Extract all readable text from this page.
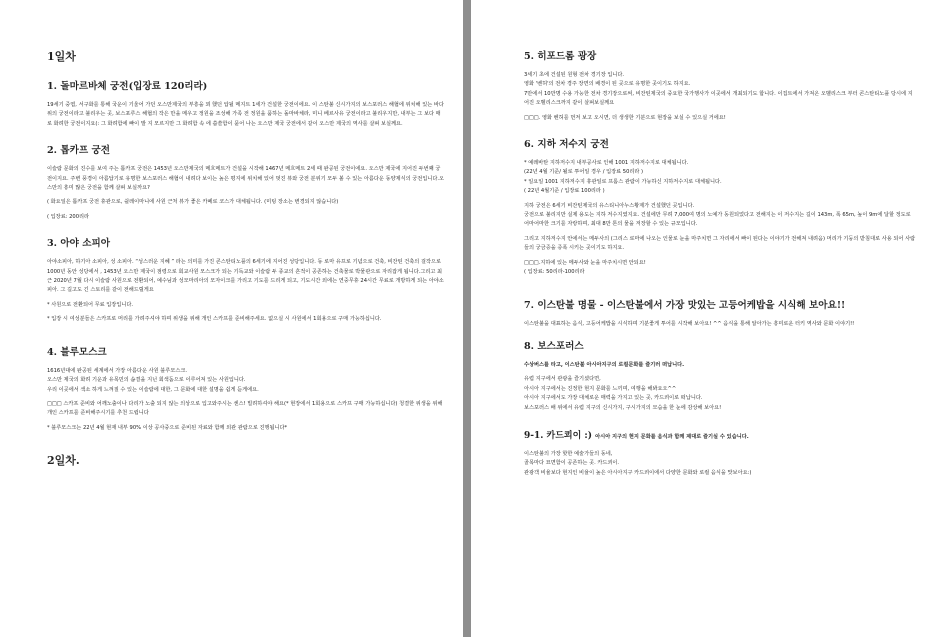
1일차
1. 돌마르바체 궁전(입장료 120리라)
19세기 중엽, 서구화를 통해 국운이 기울어 가던 오스만제국의 부흥을 꾀 했던 압뒬 메지트 1세가 건설한 궁전이에요. 이 스탄불 신시가지의 보스포러스 해협에 위치해 있는 바다 위의 궁전이라고 불리우는 곳, 보스포루스 해협의 작은 만을 메우고 정원을 조성해 가족 전 정원을 품하는 돌마바체라, 미니 베르사유 궁전이라고 불리우지만, 내부는 그 보다 매로 화려한 궁전이지요(: 그 화려함에 빠이 발 지 모르지만 그 화려함 속 에 씁쓸함이 묻어 나는 오스만 제국 궁전에서 같이 오스만 제국의 역사를 살펴 보실께요.
2. 톱카프 궁전
이슬람 문화의 진수를 보여 주는 톱카프 궁전은 1453년 오스만제국의 메흐메트가 건설을 시작해 1467년 메흐메트 2세 때 완공된 궁전이에요. 오스만 제국에 지어진 두번째 궁전이지요. 주변 풍경이 아름답기로 유명한 보스포러스 해협이 내려다 보이는 높은 평지에 위치해 있어 멋진 뷰와 궁전 분위기 모두 볼 수 있는 아름다운 동양제식의 궁전입니다.오스만의 흥미 많은 궁전을 함께 살펴 보실까요?
( 화요일은 톱카프 궁전 휴관으로, 쉴레이마니에 사원 근처 뷰가 좋은 카페로 코스가 대체됩니다. (미팅 장소는 변경되지 않습니다)
( 입장료: 200리라
3. 아야 소피아
아야소피아, 하기아 소피아, 성 소피아. “성스러운 지혜 ” 라는 의미를 가진 콘스탄티노플의 6세기에 지어진 성당입니다. 동 로마 유프로 기념으로 건축, 비잔틴 건축의 걸작으로 1000년 동안 성당에서 , 1453년 오스만 제국이 점령으로 회교사원 모스크가 되는 기독교와 이슬람 두 종교의 흔적이 공존하는 건축물로 박물관으로 자리잡게 됩니다.그리고 최근 2020년 7월 다시 이슬람 사원으로 전환되어, 예수님과 성모마리아의 모자이크를 가리고 기도를 드리게 되고, 기도시간 외에는 연중무휴 24시간 무료로 개방하게 되는 아야소피아. 그 길고도 긴 스토리를 같이 전해드릴게요
* 사원으로 전환되어 무료 입장입니다.
* 입장 시 여성분들은 스카프로 머리를 가려주셔야 하며 위생을 위해 개인 스카프를 준비해주세요. 없으실 시 사원에서 1회용으로 구매 가능하십니다.
4. 블루모스크
1616년대에 완공된 세계에서 가장 아름다운 사원 블루모스크.
오스만 제국의 화려 기운과 유목민의 솜결을 지닌 회색돔으로 이루어져 있는 사원입니다.
우리 이곳에서 색소 하게 느껴질 수 있는 이슬람에 대한, 그 문화에 대한 설명을 쉽게 듣게에요.
□□□ 스카프 준비와 어깨노출이나 다리가 노출 되지 않는 의상으로 입고와주시는 센스! 빌려하셔야 해요(* 현장에서 1회용으로 스카프 구매 가능하십니다) 청결한 위생을 위해 개인 스카프를 준비해주시기를 추천 드립니다
* 블루모스크는 22년 4월 현재 내부 90% 이상 공사중으로 준비된 자료와 함께 외관 관람으로 진행됩니다*
2일차.
5. 히포드롬 광장
3세기 초에 건설된 원형 전차 경기장 입니다.
영화 '벤허'의 전차 경주 장면의 배경이 된 곳으로 유명한 곳이기도 하지요.
7만에서 10만명 수용 가능한 전차 경기장으로써, 비잔틴제국의 중요한 국가행사가 이곳에서 개최되기도 합니다. 이집트에서 가져온 오벨리스크 부터 콘스탄티노플 당시에 지어진 오벨리스크까지 같이 살펴보실께요
□□□. 영화 벤허를 먼저 보고 오시면, 더 생생한 기분으로 현장을 보실 수 있으실 거에요!
6. 지하 저수지 궁전
* 예레바탄 지하저수지 내부공사로 인해 1001 지하저수지로 대체됩니다.
(22년 4월 기준/ 될로 투어일 경우 / 입장료 50리라 )
* 일요일 1001 지하저수지 휴관일로 프롬스 관람이 가능하신 지하저수지로 대체됩니다.
( 22년 4월기준 / 입장료 100리라 )
지하 궁전은 6세기 비잔틴제국의 유스티니아누스황제가 건설했던 곳입니다.
궁전으로 불리지만 실제 용도는 지하 저수지였지요. 건설에만 무려 7,000여 명의 노예가 동원되었다고 전해지는 이 저수지는 길이 143m, 폭 65m, 높이 9m에 달할 정도로 어마어마한 크기를 자랑하며, 최대 8만 톤의 물을 저장할 수 있는 규모입니다.
그리고 지하저수지 안에서는 메두사의 (그리스 로마에 나오는 인물로 눈을 마주치면 그 자리에서 빠이 된다는 이야기가 전해져 내려옴) 머리가 기둥의 받침대로 사용 되어 사람들의 궁금증을 증폭 시키는 곳이기도 하지요.
□□□.지하에 있는 메두사와 눈을 마주치시면 안되요!
( 입장료: 50리라-100리라
7. 이스탄불 명물 - 이스탄불에서 가장 맛있는 고등어케밥을 시식해 보아요!!
이스탄불을 대표하는 음식, 고등어케밥을 시식하며 기분좋게 투어를 시작해 보아요! ^^ 음식을 통해 알아가는 흥미로운 터키 역사와 문화 이야기!!
8. 보스포러스
수상버스를 타고, 이스탄불 아시아지구의 로컬문화를 즐기러 떠납니다.
유럽 지구에서 관광을 즐기셨다면,
아시아 지구에서는 진정한 현지 문화를 느끼며, 여행을 해봐요오^^
아시아 지구에서도 가장 대체로운 매력을 가지고 있는 곳, 카드쾨이로 떠납니다.
보스포러스 배 위에서 유럽 지구의 신시가지, 구시가지의 모습을 한 눈에 감상해 보아요!
9-1. 카드쾨이 :) 아시아 지구의 현지 문화를 음식과 함께 제대로 즐기실 수 있습니다.
이스탄불의 가장 핫한 예술가들의 동네,
골목마다 묘면함이 공존하는 곳. 카드쾨이.
관광객 비율보다 현지인 비율이 높은 아시아지구 카드쾨이에서 다양한 문화와 로컬 음식을 맛보아요:)
